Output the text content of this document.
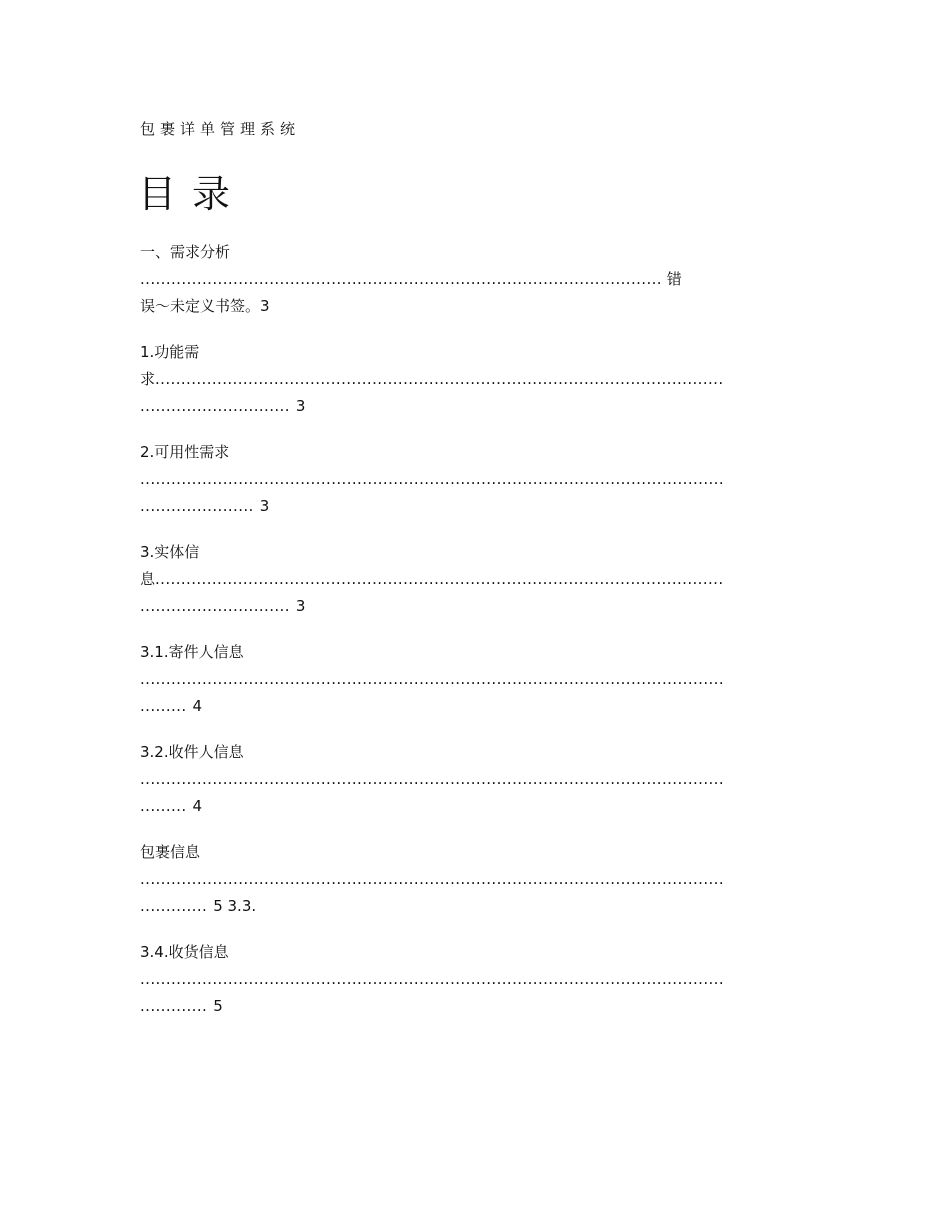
包裹详单管理系统
目录
一、需求分析
..................................................................................................... 错
误～未定义书签。3
1.功能需
求..............................................................................................................
............................. 3
2.可用性需求
.................................................................................................................
...................... 3
3.实体信
息..............................................................................................................
............................. 3
3.1.寄件人信息
.................................................................................................................
......... 4
3.2.收件人信息
.................................................................................................................
......... 4
包裹信息
.................................................................................................................
............. 5 3.3.
3.4.收货信息
.................................................................................................................
............. 5
